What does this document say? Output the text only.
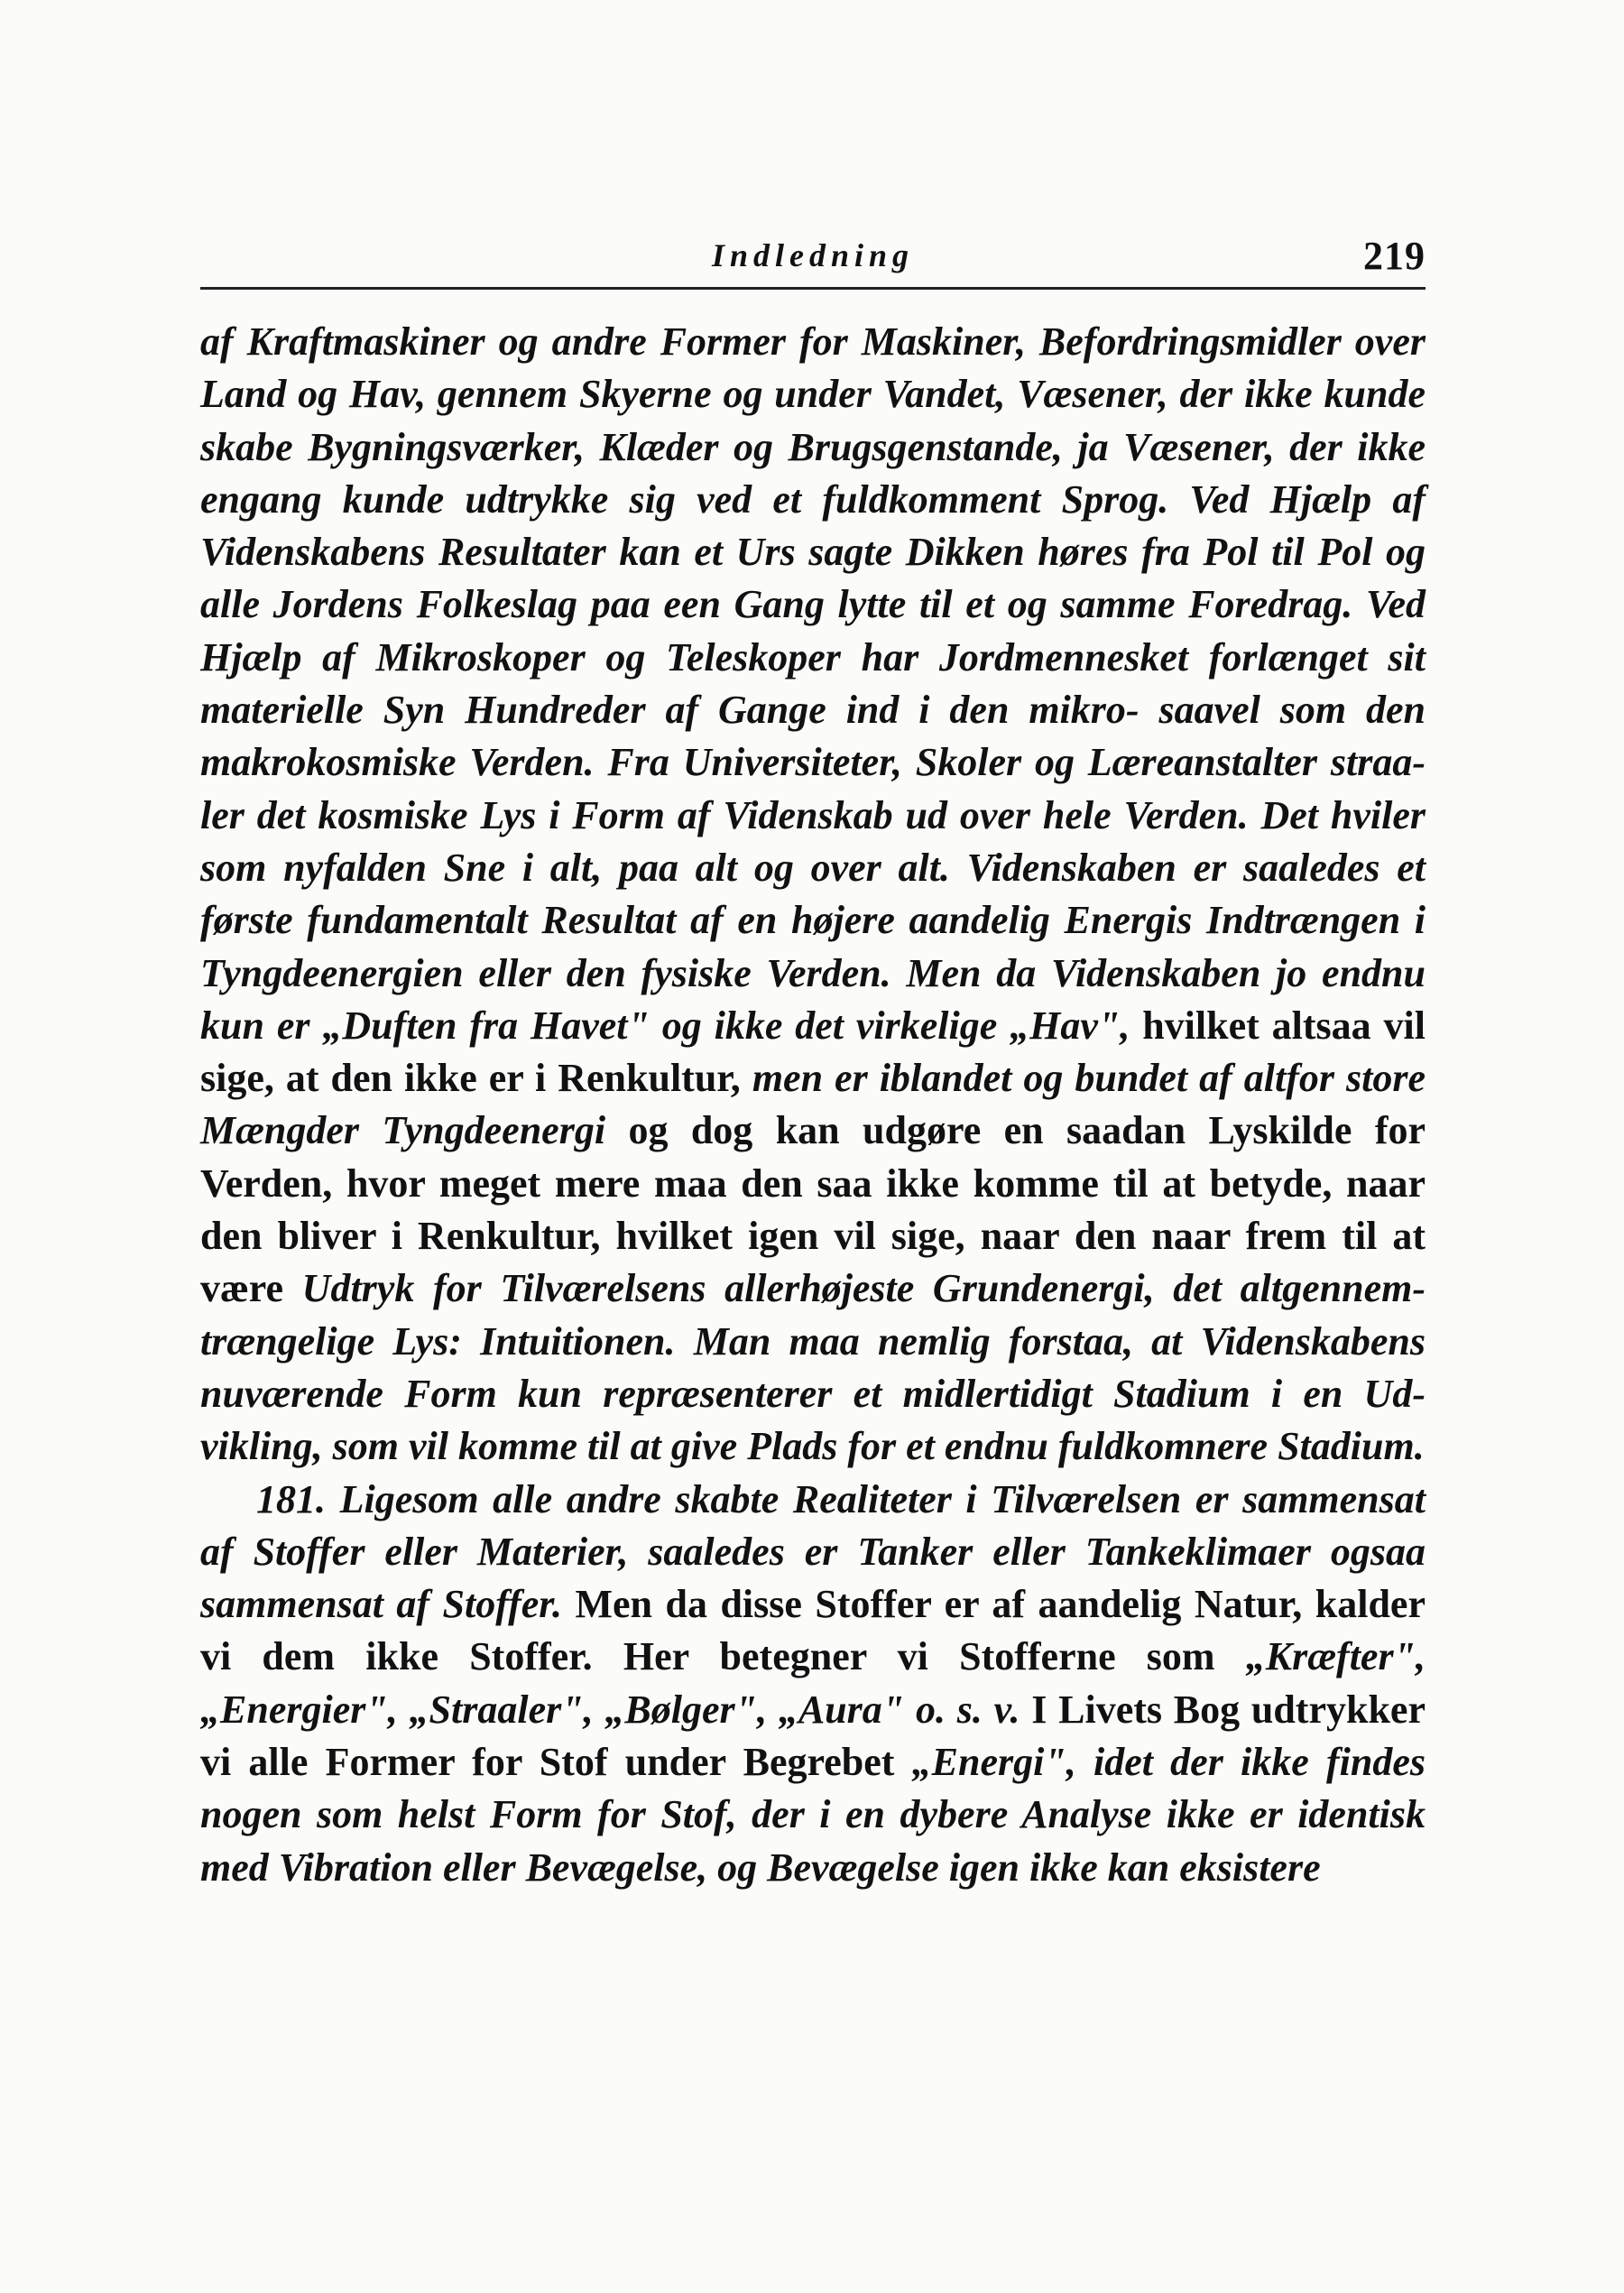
Indledning	219

af Kraftmaskiner og andre Former for Maskiner, Befordringsmidler over Land og Hav, gennem Skyerne og under Vandet, Væsener, der ikke kunde skabe Bygningsværker, Klæder og Brugsgenstande, ja Væsener, der ikke engang kunde udtrykke sig ved et fuldkomment Sprog. Ved Hjælp af Videnskabens Resultater kan et Urs sagte Dikken høres fra Pol til Pol og alle Jordens Folkeslag paa een Gang lytte til et og samme Foredrag. Ved Hjælp af Mikroskoper og Teleskoper har Jordmennesket forlænget sit materielle Syn Hundreder af Gange ind i den mikro- saavel som den makrokosmiske Verden. Fra Universiteter, Skoler og Læreanstalter straaler det kosmiske Lys i Form af Videnskab ud over hele Verden. Det hviler som nyfalden Sne i alt, paa alt og over alt. Videnskaben er saaledes et første fundamentalt Resultat af en højere aandelig Energis Indtrængen i Tyngdeenergien eller den fysiske Verden. Men da Videnskaben jo endnu kun er „Duften fra Havet" og ikke det virkelige „Hav", hvilket altsaa vil sige, at den ikke er i Renkultur, men er iblandet og bundet af altfor store Mængder Tyngdeenergi og dog kan udgøre en saadan Lyskilde for Verden, hvor meget mere maa den saa ikke komme til at betyde, naar den bliver i Renkultur, hvilket igen vil sige, naar den naar frem til at være Udtryk for Tilværelsens allerhøjeste Grundenergi, det altgennemtrængelige Lys: Intuitionen. Man maa nemlig forstaa, at Videnskabens nuværende Form kun repræsenterer et midlertidigt Stadium i en Udvikling, som vil komme til at give Plads for et endnu fuldkomnere Stadium.

181. Ligesom alle andre skabte Realiteter i Tilværelsen er sammensat af Stoffer eller Materier, saaledes er Tanker eller Tankeklimaer ogsaa sammensat af Stoffer. Men da disse Stoffer er af aandelig Natur, kalder vi dem ikke Stoffer. Her betegner vi Stofferne som „Kræfter", „Energier", „Straaler", „Bølger", „Aura" o. s. v. I Livets Bog udtrykker vi alle Former for Stof under Begrebet „Energi", idet der ikke findes nogen som helst Form for Stof, der i en dybere Analyse ikke er identisk med Vibration eller Bevægelse, og Bevægelse igen ikke kan eksistere
